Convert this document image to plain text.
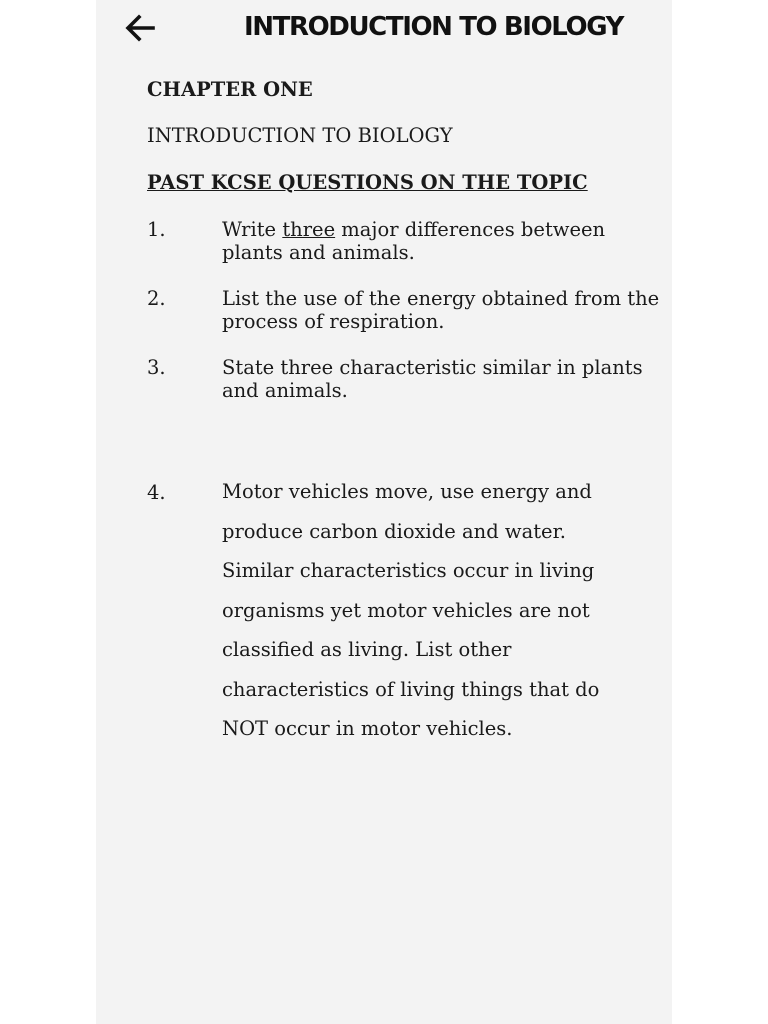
INTRODUCTION TO BIOLOGY
CHAPTER ONE
INTRODUCTION TO BIOLOGY
PAST KCSE QUESTIONS ON THE TOPIC
1.	Write three major differences between plants and animals.
2.	List the use of the energy obtained from the process of respiration.
3.	State three characteristic similar in plants and animals.
4.	Motor vehicles move, use energy and produce carbon dioxide and water. Similar characteristics occur in living organisms yet motor vehicles are not classified as living. List other characteristics of living things that do NOT occur in motor vehicles.
